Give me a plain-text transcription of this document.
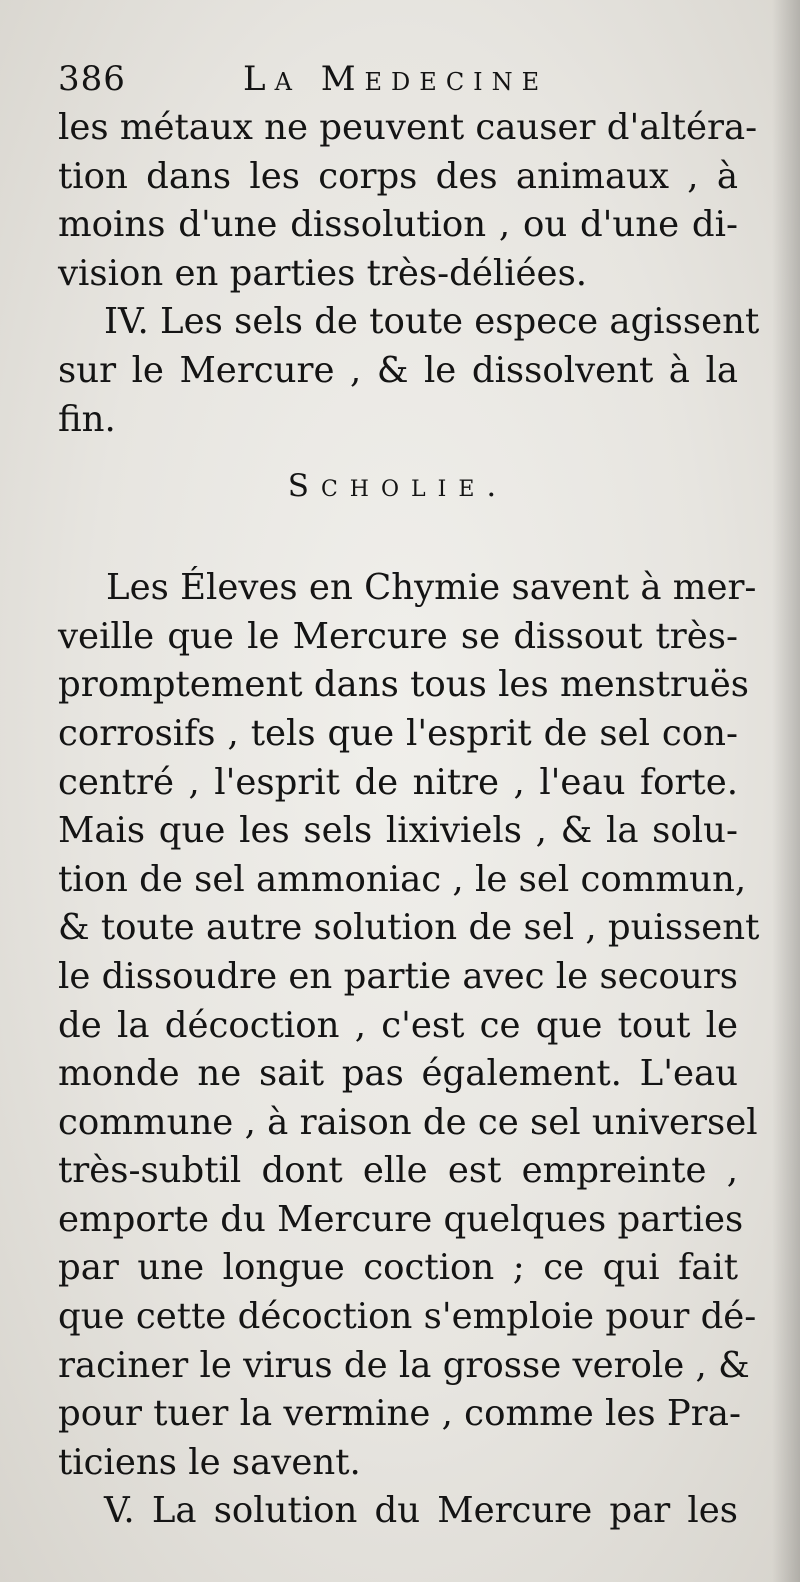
386	La Medecine
les métaux ne peuvent causer d'altéra-
tion dans les corps des animaux , à
moins d'une dissolution , ou d'une di-
vision en parties très-déliées.
IV. Les sels de toute espece agissent
sur le Mercure , & le dissolvent à la
fin.
Scholie.
Les Éleves en Chymie savent à mer-
veille que le Mercure se dissout très-
promptement dans tous les menstruës
corrosifs , tels que l'esprit de sel con-
centré , l'esprit de nitre , l'eau forte.
Mais que les sels lixiviels , & la solu-
tion de sel ammoniac , le sel commun,
& toute autre solution de sel , puissent
le dissoudre en partie avec le secours
de la décoction , c'est ce que tout le
monde ne sait pas également. L'eau
commune , à raison de ce sel universel
très-subtil dont elle est empreinte ,
emporte du Mercure quelques parties
par une longue coction ; ce qui fait
que cette décoction s'emploie pour dé-
raciner le virus de la grosse verole , &
pour tuer la vermine , comme les Pra-
ticiens le savent.
V. La solution du Mercure par les
